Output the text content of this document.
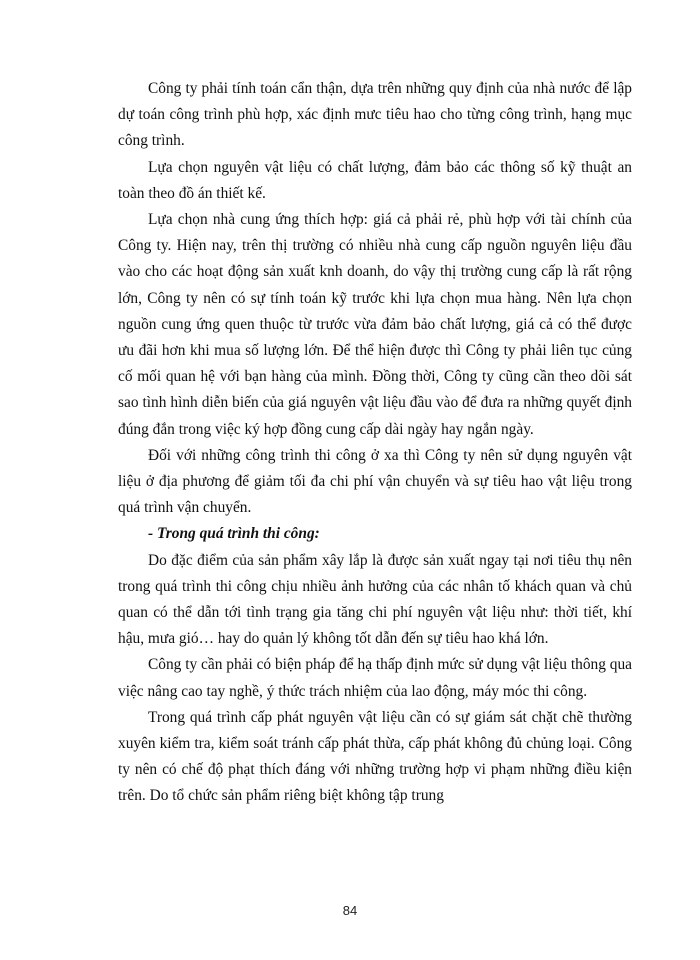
Công ty phải tính toán cẩn thận, dựa trên những quy định của nhà nước để lập dự toán công trình phù hợp, xác định mưc tiêu hao cho từng công trình, hạng mục công trình.

Lựa chọn nguyên vật liệu có chất lượng, đảm bảo các thông số kỹ thuật an toàn theo đồ án thiết kế.

Lựa chọn nhà cung ứng thích hợp: giá cả phải rẻ, phù hợp với tài chính của Công ty. Hiện nay, trên thị trường có nhiều nhà cung cấp nguồn nguyên liệu đầu vào cho các hoạt động sản xuất knh doanh, do vậy thị trường cung cấp là rất rộng lớn, Công ty nên có sự tính toán kỹ trước khi lựa chọn mua hàng. Nên lựa chọn nguồn cung ứng quen thuộc từ trước vừa đảm bảo chất lượng, giá cả có thể được ưu đãi hơn khi mua số lượng lớn. Để thể hiện được thì Công ty phải liên tục củng cố mối quan hệ với bạn hàng của mình. Đồng thời, Công ty cũng cần theo dõi sát sao tình hình diễn biến của giá nguyên vật liệu đầu vào để đưa ra những quyết định đúng đắn trong việc ký hợp đồng cung cấp dài ngày hay ngắn ngày.

Đối với những công trình thi công ở xa thì Công ty nên sử dụng nguyên vật liệu ở địa phương để giảm tối đa chi phí vận chuyển và sự tiêu hao vật liệu trong quá trình vận chuyển.

- Trong quá trình thi công:

Do đặc điểm của sản phẩm xây lắp là được sản xuất ngay tại nơi tiêu thụ nên trong quá trình thi công chịu nhiều ảnh hưởng của các nhân tố khách quan và chủ quan có thể dẫn tới tình trạng gia tăng chi phí nguyên vật liệu như: thời tiết, khí hậu, mưa gió… hay do quản lý không tốt dẫn đến sự tiêu hao khá lớn.

Công ty cần phải có biện pháp để hạ thấp định mức sử dụng vật liệu thông qua việc nâng cao tay nghề, ý thức trách nhiệm của lao động, máy móc thi công.

Trong quá trình cấp phát nguyên vật liệu cần có sự giám sát chặt chẽ thường xuyên kiểm tra, kiểm soát tránh cấp phát thừa, cấp phát không đủ chủng loại. Công ty nên có chế độ phạt thích đáng với những trường hợp vi phạm những điều kiện trên. Do tổ chức sản phẩm riêng biệt không tập trung

84
